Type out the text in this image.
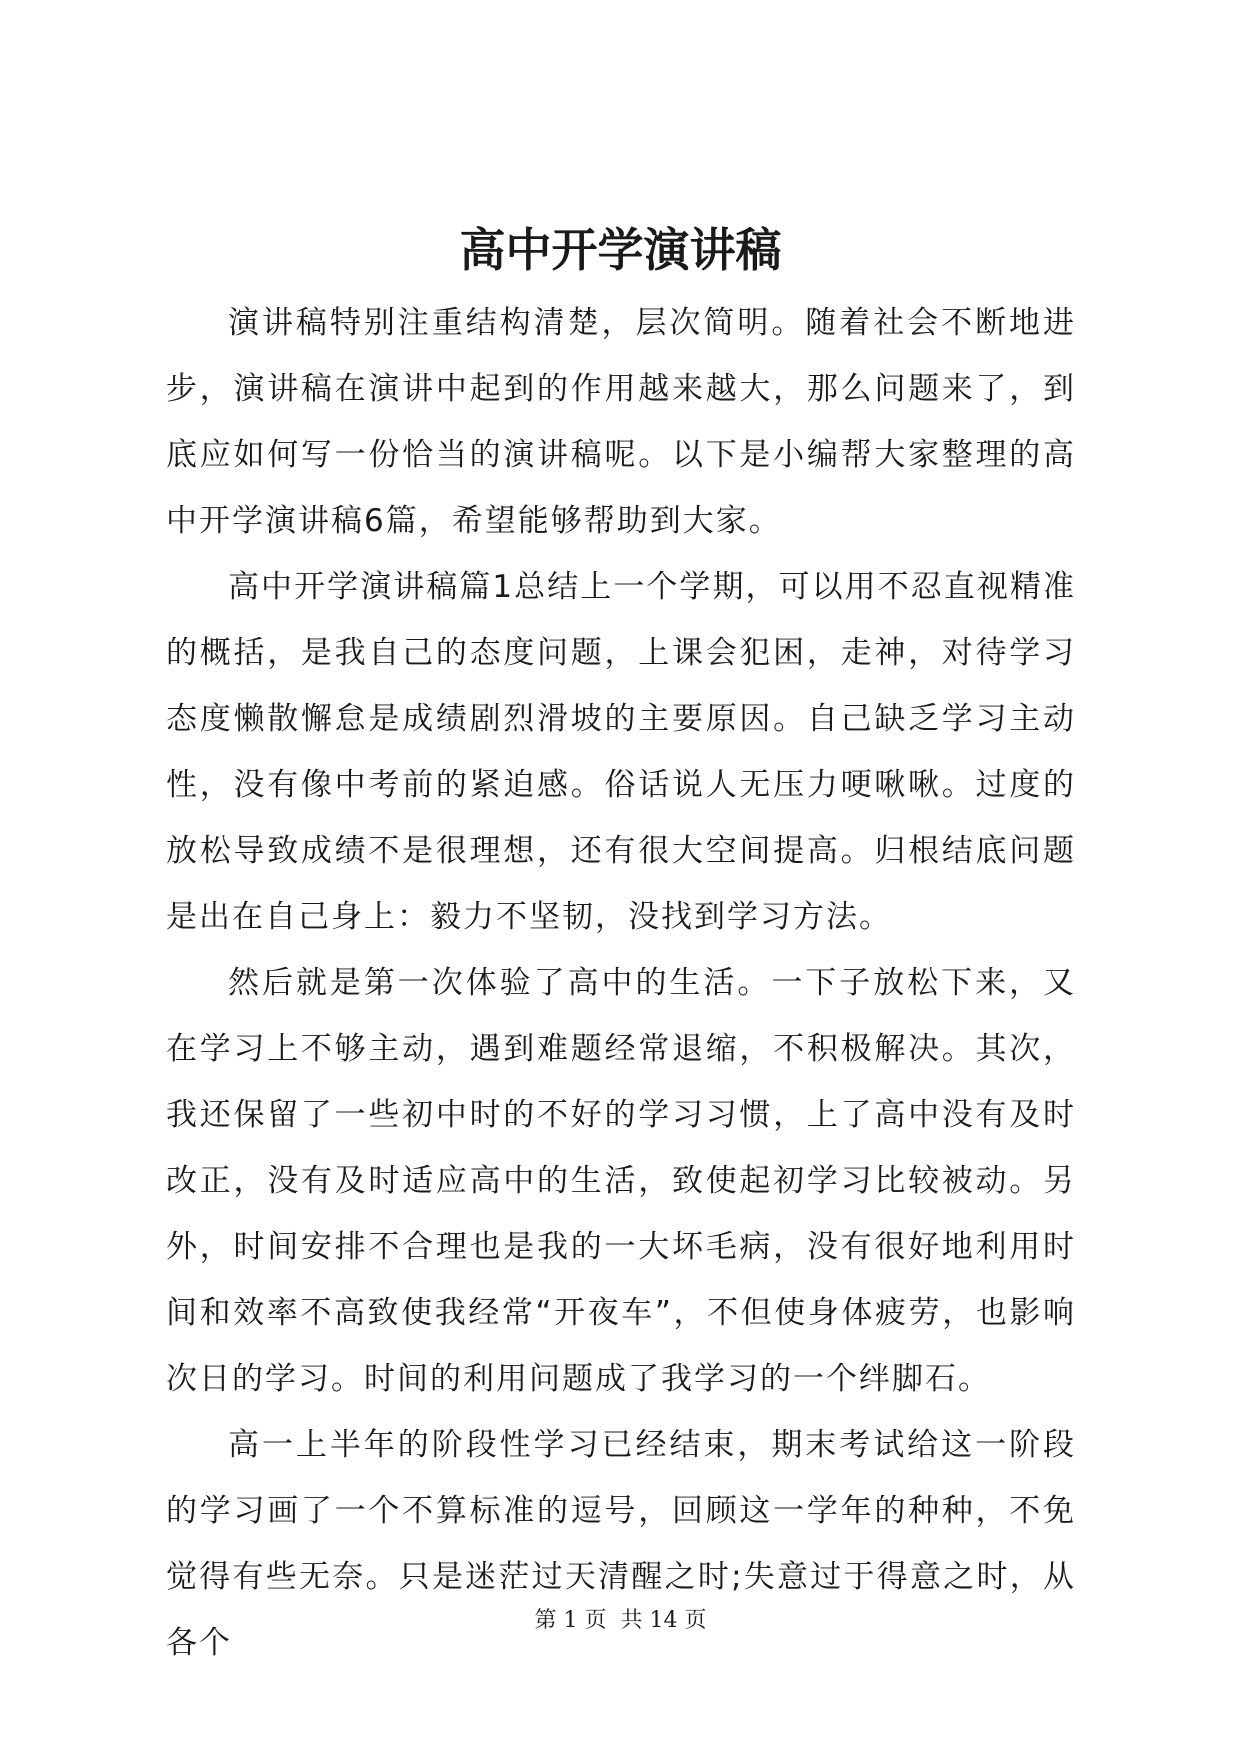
高中开学演讲稿

演讲稿特别注重结构清楚，层次简明。随着社会不断地进步，演讲稿在演讲中起到的作用越来越大，那么问题来了，到底应如何写一份恰当的演讲稿呢。以下是小编帮大家整理的高中开学演讲稿6篇，希望能够帮助到大家。

高中开学演讲稿篇1总结上一个学期，可以用不忍直视精准的概括，是我自己的态度问题，上课会犯困，走神，对待学习态度懒散懈怠是成绩剧烈滑坡的主要原因。自己缺乏学习主动性，没有像中考前的紧迫感。俗话说人无压力哽啾啾。过度的放松导致成绩不是很理想，还有很大空间提高。归根结底问题是出在自己身上：毅力不坚韧，没找到学习方法。

然后就是第一次体验了高中的生活。一下子放松下来，又在学习上不够主动，遇到难题经常退缩，不积极解决。其次，我还保留了一些初中时的不好的学习习惯，上了高中没有及时改正，没有及时适应高中的生活，致使起初学习比较被动。另外，时间安排不合理也是我的一大坏毛病，没有很好地利用时间和效率不高致使我经常“开夜车”，不但使身体疲劳，也影响次日的学习。时间的利用问题成了我学习的一个绊脚石。

高一上半年的阶段性学习已经结束，期末考试给这一阶段的学习画了一个不算标准的逗号，回顾这一学年的种种，不免觉得有些无奈。只是迷茫过天清醒之时;失意过于得意之时，从各个

第 1 页 共 14 页
